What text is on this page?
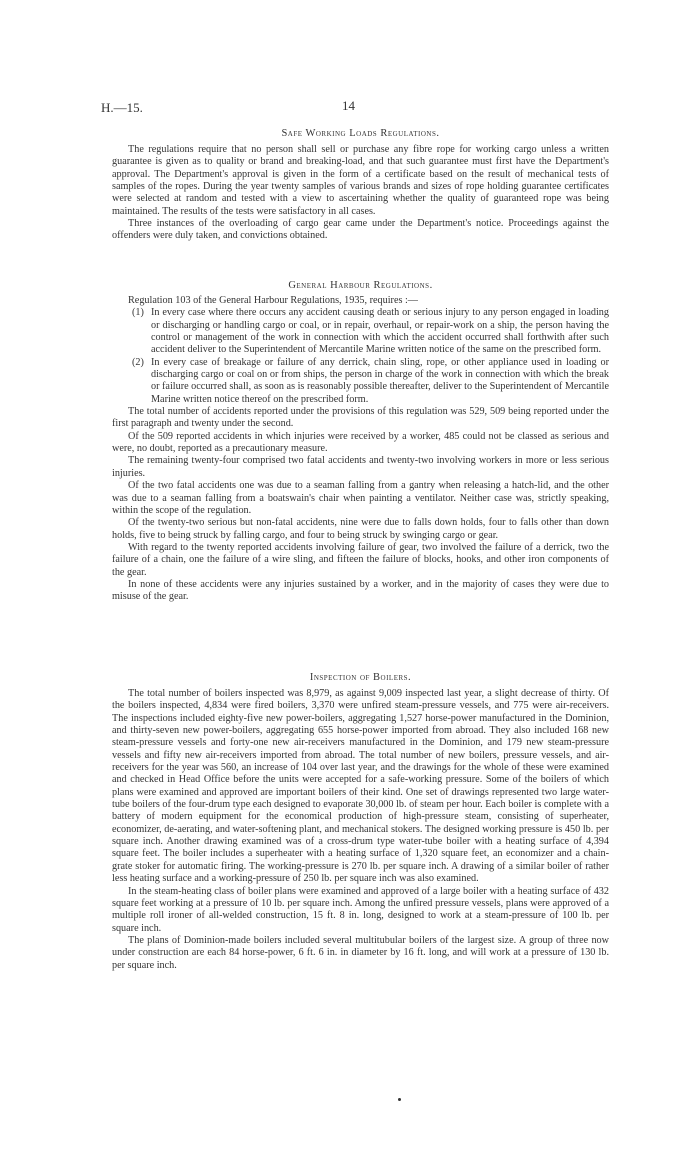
H.—15.	14
Safe Working Loads Regulations.

The regulations require that no person shall sell or purchase any fibre rope for working cargo unless a written guarantee is given as to quality or brand and breaking-load, and that such guarantee must first have the Department's approval. The Department's approval is given in the form of a certificate based on the result of mechanical tests of samples of the ropes. During the year twenty samples of various brands and sizes of rope holding guarantee certificates were selected at random and tested with a view to ascertaining whether the quality of guaranteed rope was being maintained. The results of the tests were satisfactory in all cases.

Three instances of the overloading of cargo gear came under the Department's notice. Proceedings against the offenders were duly taken, and convictions obtained.

General Harbour Regulations.

Regulation 103 of the General Harbour Regulations, 1935, requires :—

(1) In every case where there occurs any accident causing death or serious injury to any person engaged in loading or discharging or handling cargo or coal, or in repair, overhaul, or repair-work on a ship, the person having the control or management of the work in connection with which the accident occurred shall forthwith after such accident deliver to the Superintendent of Mercantile Marine written notice of the same on the prescribed form.

(2) In every case of breakage or failure of any derrick, chain sling, rope, or other appliance used in loading or discharging cargo or coal on or from ships, the person in charge of the work in connection with which the break or failure occurred shall, as soon as is reasonably possible thereafter, deliver to the Superintendent of Mercantile Marine written notice thereof on the prescribed form.

The total number of accidents reported under the provisions of this regulation was 529, 509 being reported under the first paragraph and twenty under the second.

Of the 509 reported accidents in which injuries were received by a worker, 485 could not be classed as serious and were, no doubt, reported as a precautionary measure.

The remaining twenty-four comprised two fatal accidents and twenty-two involving workers in more or less serious injuries.

Of the two fatal accidents one was due to a seaman falling from a gantry when releasing a hatch-lid, and the other was due to a seaman falling from a boatswain's chair when painting a ventilator. Neither case was, strictly speaking, within the scope of the regulation.

Of the twenty-two serious but non-fatal accidents, nine were due to falls down holds, four to falls other than down holds, five to being struck by falling cargo, and four to being struck by swinging cargo or gear.

With regard to the twenty reported accidents involving failure of gear, two involved the failure of a derrick, two the failure of a chain, one the failure of a wire sling, and fifteen the failure of blocks, hooks, and other iron components of the gear.

In none of these accidents were any injuries sustained by a worker, and in the majority of cases they were due to misuse of the gear.

Inspection of Boilers.

The total number of boilers inspected was 8,979, as against 9,009 inspected last year, a slight decrease of thirty. Of the boilers inspected, 4,834 were fired boilers, 3,370 were unfired steam-pressure vessels, and 775 were air-receivers. The inspections included eighty-five new power-boilers, aggregating 1,527 horse-power manufactured in the Dominion, and thirty-seven new power-boilers, aggregating 655 horse-power imported from abroad. They also included 168 new steam-pressure vessels and forty-one new air-receivers manufactured in the Dominion, and 179 new steam-pressure vessels and fifty new air-receivers imported from abroad. The total number of new boilers, pressure vessels, and air-receivers for the year was 560, an increase of 104 over last year, and the drawings for the whole of these were examined and checked in Head Office before the units were accepted for a safe-working pressure. Some of the boilers of which plans were examined and approved are important boilers of their kind. One set of drawings represented two large water-tube boilers of the four-drum type each designed to evaporate 30,000 lb. of steam per hour. Each boiler is complete with a battery of modern equipment for the economical production of high-pressure steam, consisting of superheater, economizer, de-aerating, and water-softening plant, and mechanical stokers. The designed working pressure is 450 lb. per square inch. Another drawing examined was of a cross-drum type water-tube boiler with a heating surface of 4,394 square feet. The boiler includes a superheater with a heating surface of 1,320 square feet, an economizer and a chain-grate stoker for automatic firing. The working-pressure is 270 lb. per square inch. A drawing of a similar boiler of rather less heating surface and a working-pressure of 250 lb. per square inch was also examined.

In the steam-heating class of boiler plans were examined and approved of a large boiler with a heating surface of 432 square feet working at a pressure of 10 lb. per square inch. Among the unfired pressure vessels, plans were approved of a multiple roll ironer of all-welded construction, 15 ft. 8 in. long, designed to work at a steam-pressure of 100 lb. per square inch.

The plans of Dominion-made boilers included several multitubular boilers of the largest size. A group of three now under construction are each 84 horse-power, 6 ft. 6 in. in diameter by 16 ft. long, and will work at a pressure of 130 lb. per square inch.
